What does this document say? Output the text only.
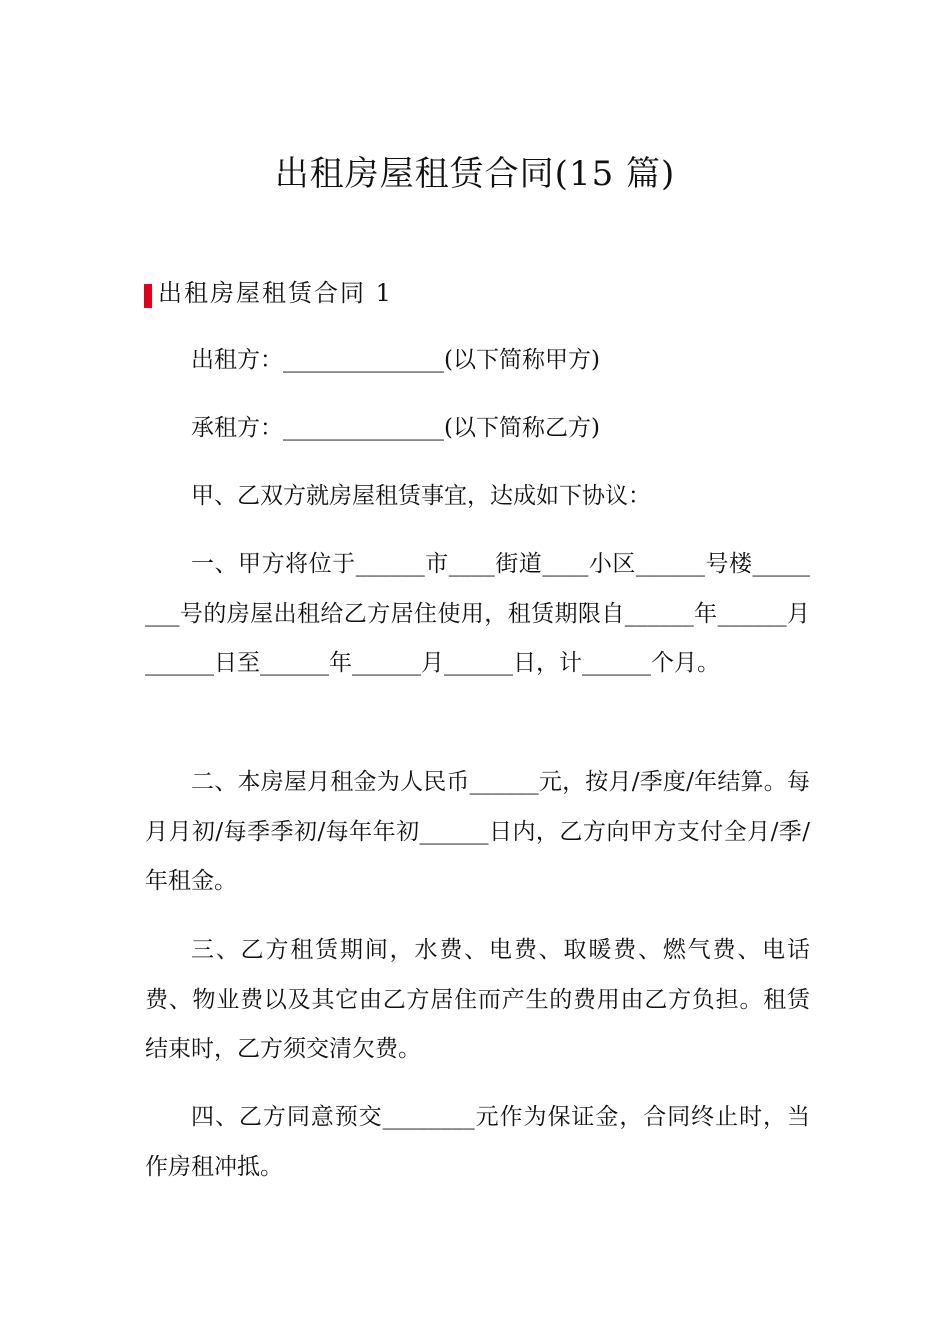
出租房屋租赁合同(15 篇)
出租房屋租赁合同 1

出租方：______________(以下简称甲方)

承租方：______________(以下简称乙方)

甲、乙双方就房屋租赁事宜，达成如下协议：

一、甲方将位于______市____街道____小区______号楼________号的房屋出租给乙方居住使用，租赁期限自______年______月______日至______年______月______日，计______个月。

二、本房屋月租金为人民币______元，按月/季度/年结算。每月月初/每季季初/每年年初______日内，乙方向甲方支付全月/季/年租金。

三、乙方租赁期间，水费、电费、取暖费、燃气费、电话费、物业费以及其它由乙方居住而产生的费用由乙方负担。租赁结束时，乙方须交清欠费。

四、乙方同意预交________元作为保证金，合同终止时，当作房租冲抵。
